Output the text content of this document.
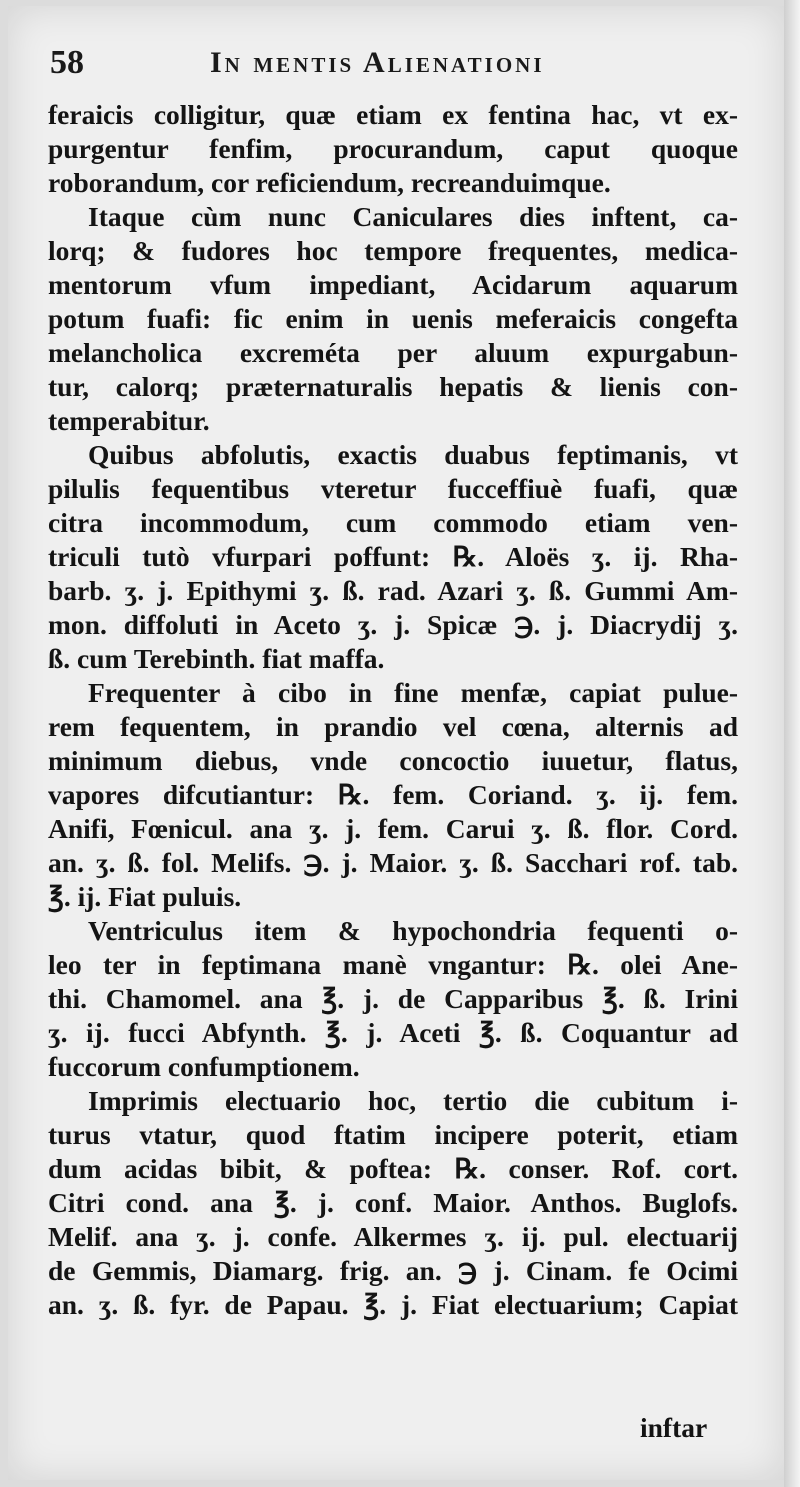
58	In mentis Alienationi
feraicis colligitur, quæ etiam ex fentina hac, vt ex-
purgentur fenfim, procurandum, caput quoque
roborandum, cor reficiendum, recreanduimque.
Itaque cùm nunc Caniculares dies inftent, ca-
lorq; & fudores hoc tempore frequentes, medica-
mentorum vfum impediant, Acidarum aquarum
potum fuafi: fic enim in uenis meferaicis congefta
melancholica excreméta per aluum expurgabun-
tur, calorq; præternaturalis hepatis & lienis con-
temperabitur.
Quibus abfolutis, exactis duabus feptimanis, vt
pilulis fequentibus vteretur fucceffiuè fuafi, quæ
citra incommodum, cum commodo etiam ven-
triculi tutò vfurpari poffunt: ℞. Aloës ʒ. ij. Rha-
barb. ʒ. j. Epithymi ʒ. ß. rad. Azari ʒ. ß. Gummi Am-
mon. diffoluti in Aceto ʒ. j. Spicæ ℈. j. Diacrydij ʒ.
ß. cum Terebinth. fiat maffa.
Frequenter à cibo in fine menfæ, capiat pulue-
rem fequentem, in prandio vel cœna, alternis ad
minimum diebus, vnde concoctio iuuetur, flatus,
vapores difcutiantur: ℞. fem. Coriand. ʒ. ij. fem.
Anifi, Fœnicul. ana ʒ. j. fem. Carui ʒ. ß. flor. Cord.
an. ʒ. ß. fol. Melifs. ℈. j. Maior. ʒ. ß. Sacchari rof. tab.
℥. ij. Fiat puluis.
Ventriculus item & hypochondria fequenti o-
leo ter in feptimana manè vngantur: ℞. olei Ane-
thi. Chamomel. ana ℥. j. de Capparibus ℥. ß. Irini
ʒ. ij. fucci Abfynth. ℥. j. Aceti ℥. ß. Coquantur ad
fuccorum confumptionem.
Imprimis electuario hoc, tertio die cubitum i-
turus vtatur, quod ftatim incipere poterit, etiam
dum acidas bibit, & poftea: ℞. conser. Rof. cort.
Citri cond. ana ℥. j. conf. Maior. Anthos. Buglofs.
Melif. ana ʒ. j. confe. Alkermes ʒ. ij. pul. electuarij
de Gemmis, Diamarg. frig. an. ℈ j. Cinam. fe Ocimi
an. ʒ. ß. fyr. de Papau. ℥. j. Fiat electuarium; Capiat
inftar
